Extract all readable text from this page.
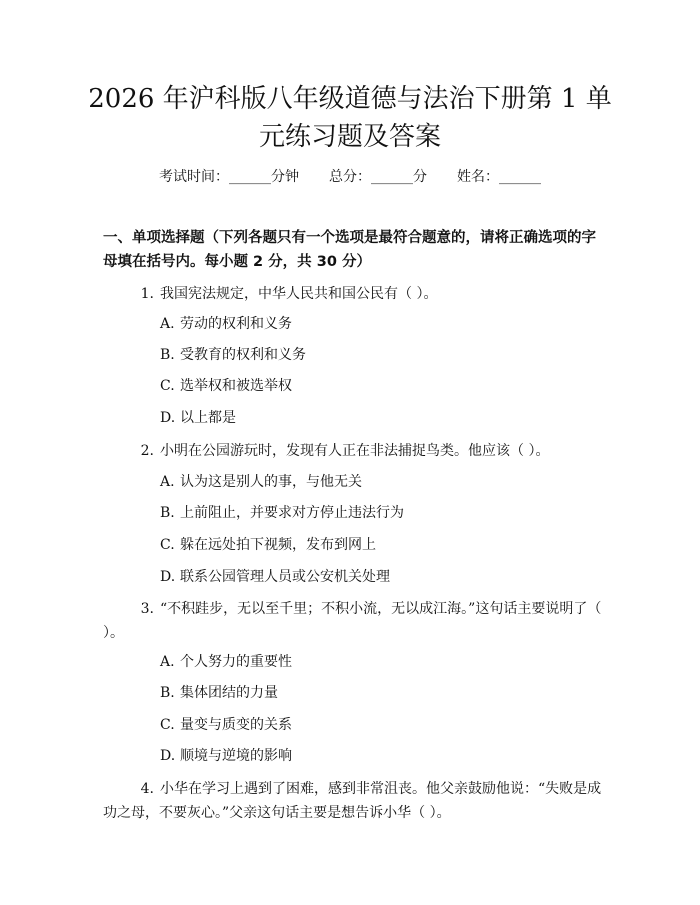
2026 年沪科版八年级道德与法治下册第 1 单
元练习题及答案
考试时间：______分钟 总分：______分 姓名：______
一、单项选择题（下列各题只有一个选项是最符合题意的，请将正确选项的字母填在括号内。每小题 2 分，共 30 分）
1. 我国宪法规定，中华人民共和国公民有（ ）。
A. 劳动的权利和义务
B. 受教育的权利和义务
C. 选举权和被选举权
D. 以上都是
2. 小明在公园游玩时，发现有人正在非法捕捉鸟类。他应该（ ）。
A. 认为这是别人的事，与他无关
B. 上前阻止，并要求对方停止违法行为
C. 躲在远处拍下视频，发布到网上
D. 联系公园管理人员或公安机关处理
3. “不积跬步，无以至千里；不积小流，无以成江海。”这句话主要说明了（ ）。
A. 个人努力的重要性
B. 集体团结的力量
C. 量变与质变的关系
D. 顺境与逆境的影响
4. 小华在学习上遇到了困难，感到非常沮丧。他父亲鼓励他说：“失败是成功之母，不要灰心。”父亲这句话主要是想告诉小华（ ）。
